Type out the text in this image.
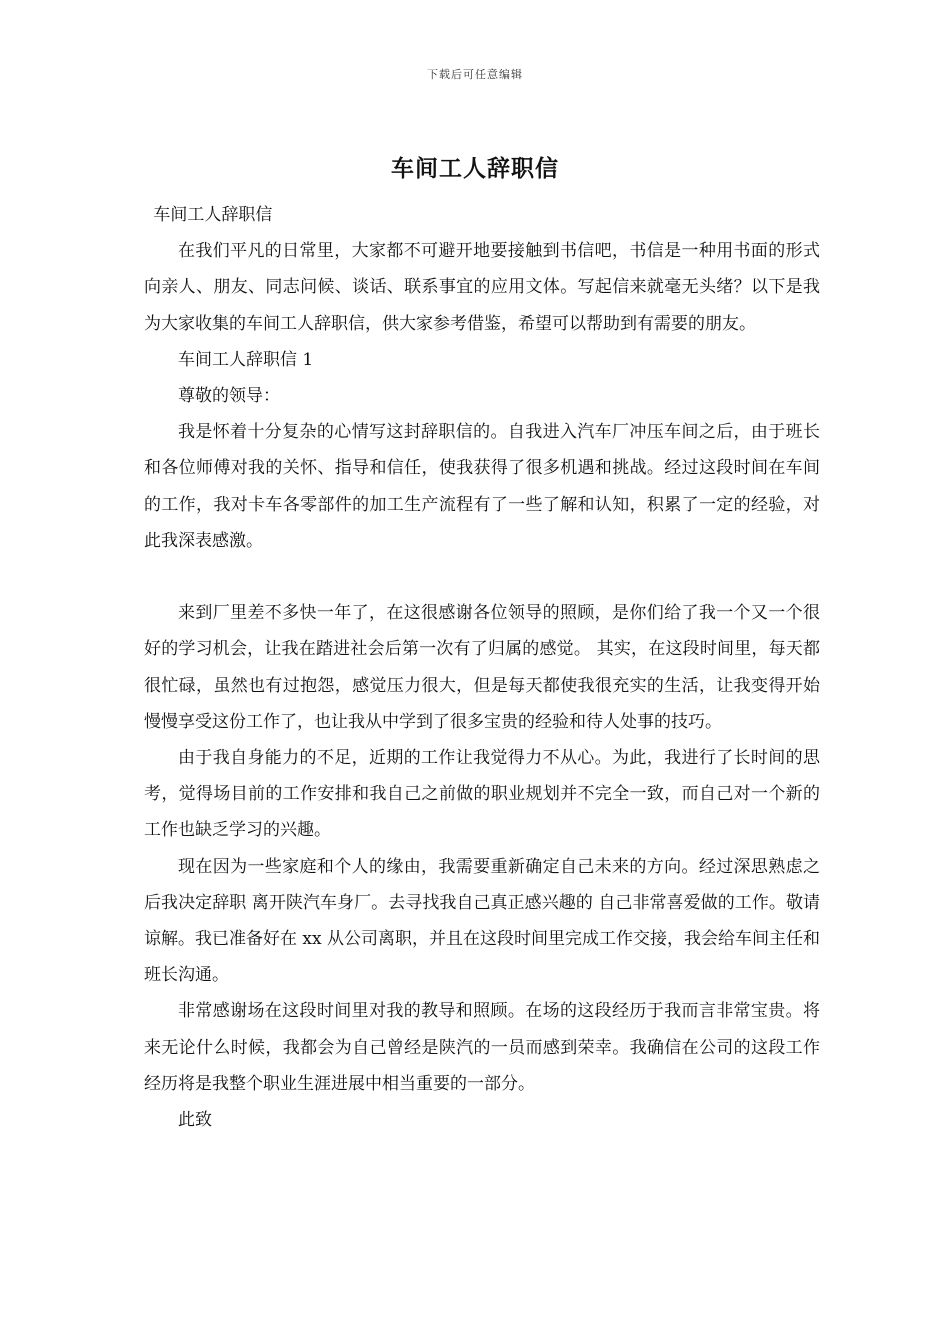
下载后可任意编辑
车间工人辞职信

车间工人辞职信

在我们平凡的日常里，大家都不可避开地要接触到书信吧，书信是一种用书面的形式向亲人、朋友、同志问候、谈话、联系事宜的应用文体。写起信来就毫无头绪？以下是我为大家收集的车间工人辞职信，供大家参考借鉴，希望可以帮助到有需要的朋友。

车间工人辞职信 1

尊敬的领导：

我是怀着十分复杂的心情写这封辞职信的。自我进入汽车厂冲压车间之后，由于班长和各位师傅对我的关怀、指导和信任，使我获得了很多机遇和挑战。经过这段时间在车间的工作，我对卡车各零部件的加工生产流程有了一些了解和认知，积累了一定的经验，对此我深表感激。

来到厂里差不多快一年了，在这很感谢各位领导的照顾，是你们给了我一个又一个很好的学习机会，让我在踏进社会后第一次有了归属的感觉。 其实，在这段时间里，每天都很忙碌，虽然也有过抱怨，感觉压力很大，但是每天都使我很充实的生活，让我变得开始慢慢享受这份工作了，也让我从中学到了很多宝贵的经验和待人处事的技巧。

由于我自身能力的不足，近期的工作让我觉得力不从心。为此，我进行了长时间的思考，觉得场目前的工作安排和我自己之前做的职业规划并不完全一致，而自己对一个新的工作也缺乏学习的兴趣。

现在因为一些家庭和个人的缘由，我需要重新确定自己未来的方向。经过深思熟虑之后我决定辞职 离开陕汽车身厂。去寻找我自己真正感兴趣的 自己非常喜爱做的工作。敬请谅解。我已准备好在 xx 从公司离职，并且在这段时间里完成工作交接，我会给车间主任和班长沟通。

非常感谢场在这段时间里对我的教导和照顾。在场的这段经历于我而言非常宝贵。将来无论什么时候，我都会为自己曾经是陕汽的一员而感到荣幸。我确信在公司的这段工作经历将是我整个职业生涯进展中相当重要的一部分。

此致
